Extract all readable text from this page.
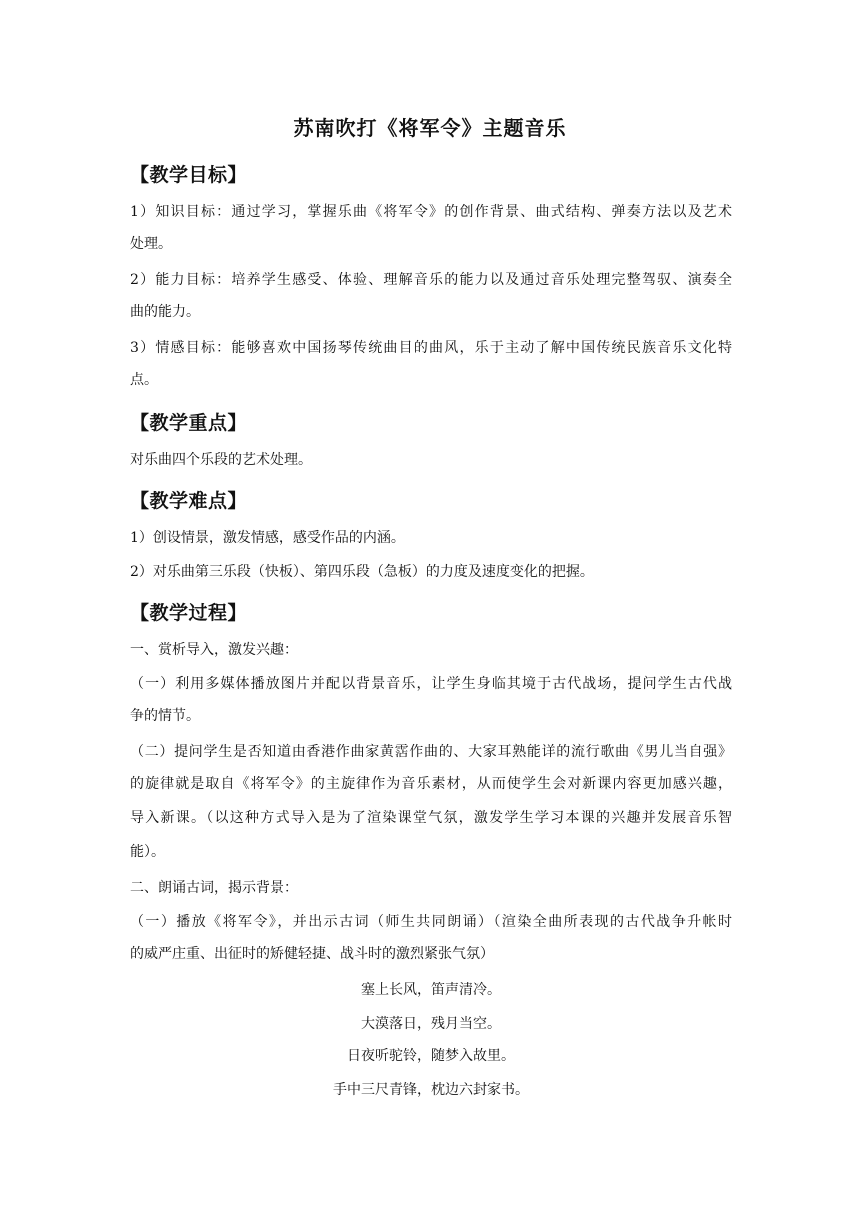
苏南吹打《将军令》主题音乐
【教学目标】
1）知识目标：通过学习，掌握乐曲《将军令》的创作背景、曲式结构、弹奏方法以及艺术
处理。
2）能力目标：培养学生感受、体验、理解音乐的能力以及通过音乐处理完整驾驭、演奏全
曲的能力。
3）情感目标：能够喜欢中国扬琴传统曲目的曲风，乐于主动了解中国传统民族音乐文化特
点。
【教学重点】
对乐曲四个乐段的艺术处理。
【教学难点】
1）创设情景，激发情感，感受作品的内涵。
2）对乐曲第三乐段（快板）、第四乐段（急板）的力度及速度变化的把握。
【教学过程】
一、赏析导入，激发兴趣：
（一）利用多媒体播放图片并配以背景音乐，让学生身临其境于古代战场，提问学生古代战
争的情节。
（二）提问学生是否知道由香港作曲家黄霑作曲的、大家耳熟能详的流行歌曲《男儿当自强》
的旋律就是取自《将军令》的主旋律作为音乐素材，从而使学生会对新课内容更加感兴趣，
导入新课。（以这种方式导入是为了渲染课堂气氛，激发学生学习本课的兴趣并发展音乐智
能）。
二、朗诵古词，揭示背景：
（一）播放《将军令》，并出示古词（师生共同朗诵）（渲染全曲所表现的古代战争升帐时
的威严庄重、出征时的矫健轻捷、战斗时的激烈紧张气氛）
塞上长风，笛声清冷。
大漠落日，残月当空。
日夜听驼铃，随梦入故里。
手中三尺青锋，枕边六封家书。
